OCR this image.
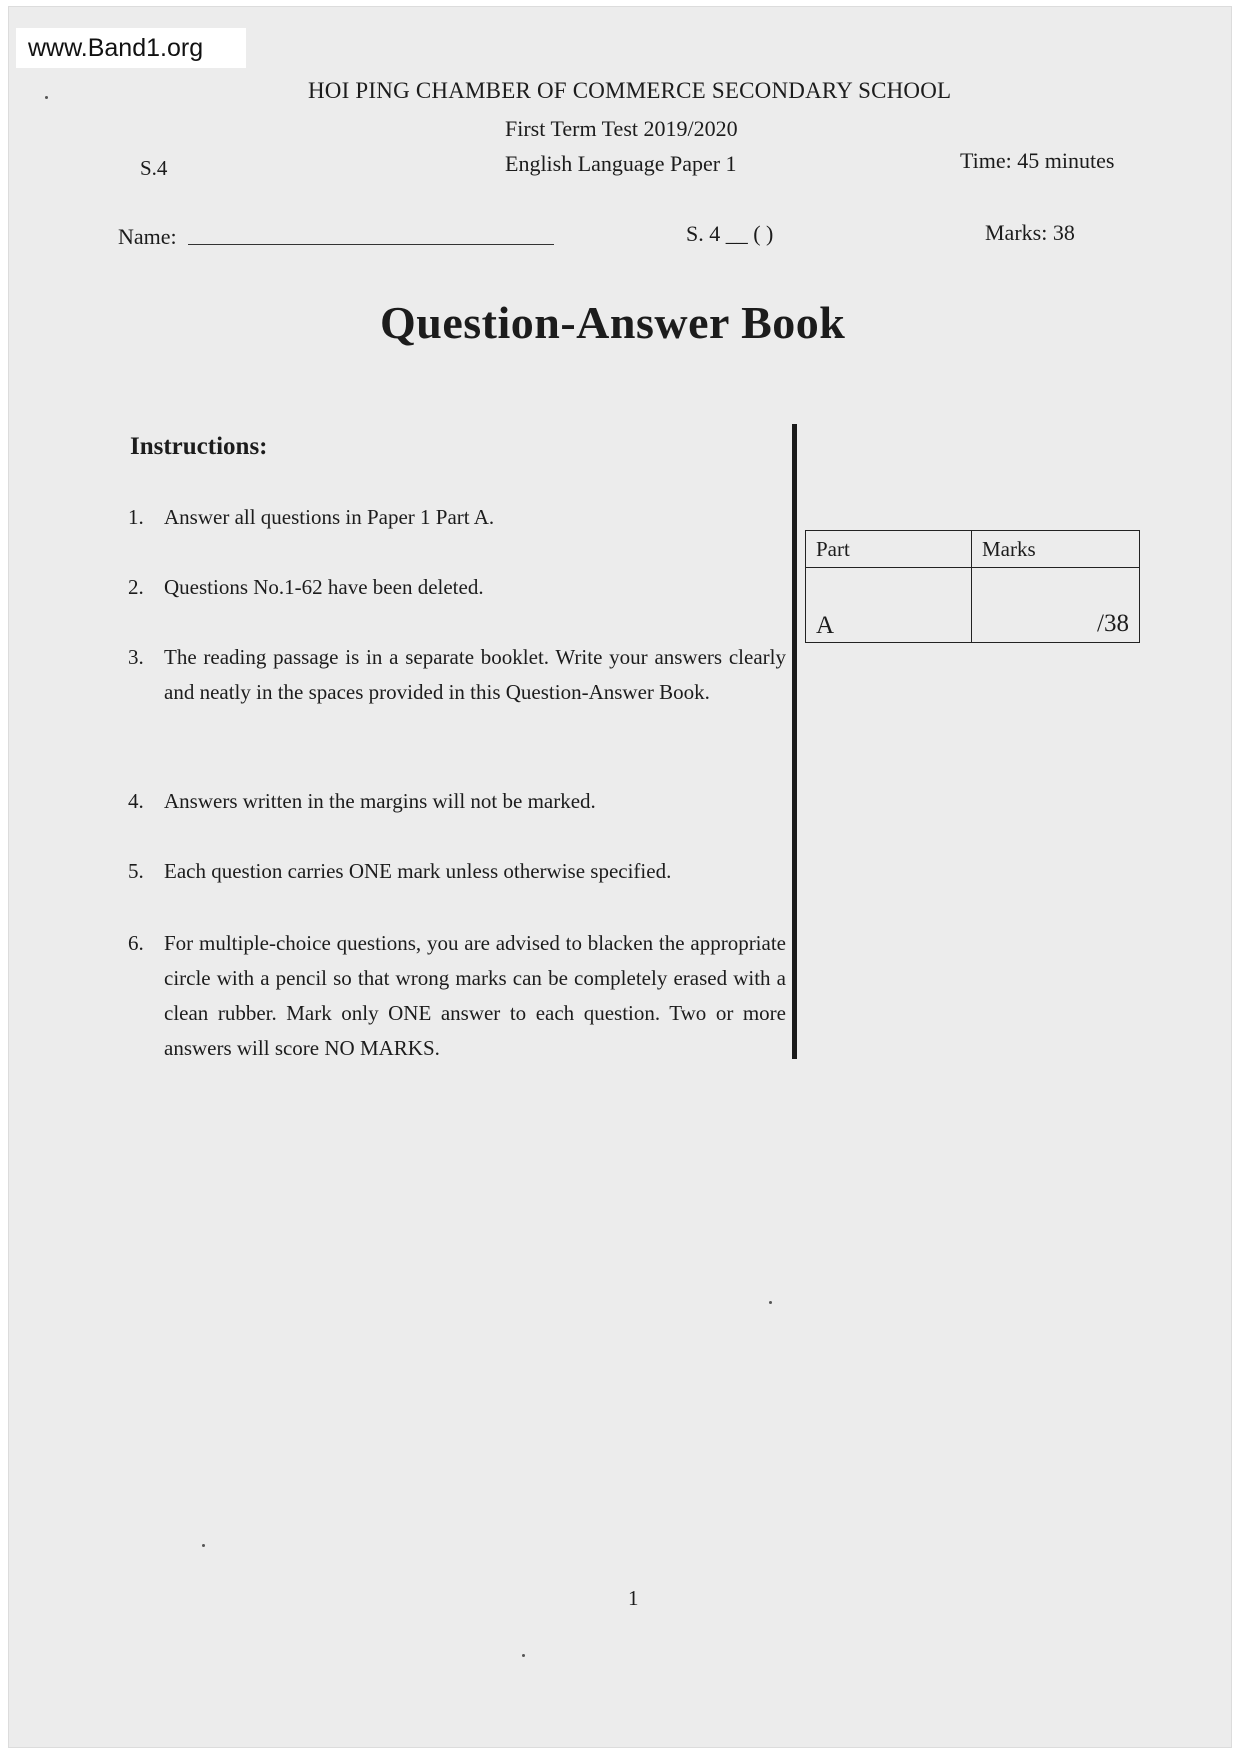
www.Band1.org
HOI PING CHAMBER OF COMMERCE SECONDARY SCHOOL
First Term Test 2019/2020
English Language Paper 1
S.4	Time: 45 minutes
Name:	S. 4 __ ( )	Marks: 38
Question-Answer Book
Instructions:
1. Answer all questions in Paper 1 Part A.
2. Questions No.1-62 have been deleted.
3. The reading passage is in a separate booklet. Write your answers clearly and neatly in the spaces provided in this Question-Answer Book.
4. Answers written in the margins will not be marked.
5. Each question carries ONE mark unless otherwise specified.
6. For multiple-choice questions, you are advised to blacken the appropriate circle with a pencil so that wrong marks can be completely erased with a clean rubber. Mark only ONE answer to each question. Two or more answers will score NO MARKS.
Part	Marks
A	/38
1
